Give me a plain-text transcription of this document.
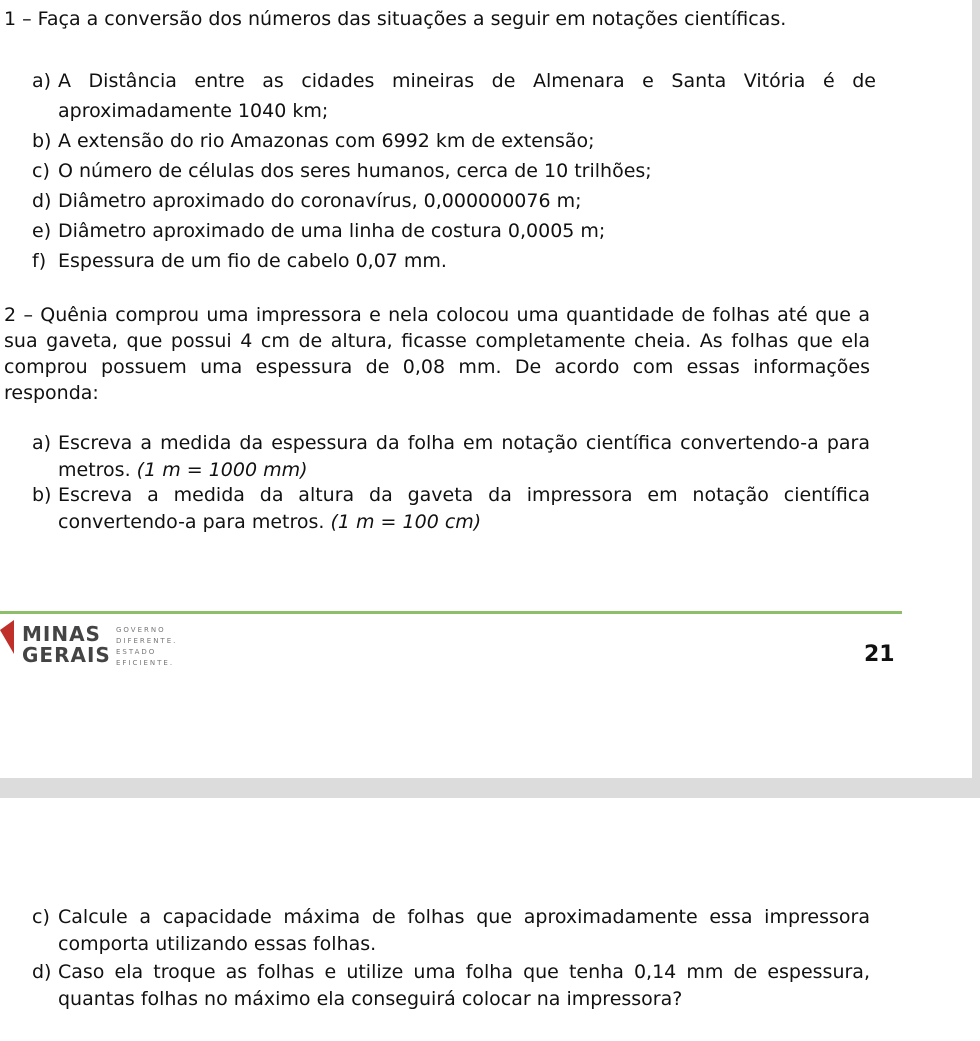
1 – Faça a conversão dos números das situações a seguir em notações científicas.
a) A Distância entre as cidades mineiras de Almenara e Santa Vitória é de
aproximadamente 1040 km;
b) A extensão do rio Amazonas com 6992 km de extensão;
c) O número de células dos seres humanos, cerca de 10 trilhões;
d) Diâmetro aproximado do coronavírus, 0,000000076 m;
e) Diâmetro aproximado de uma linha de costura 0,0005 m;
f) Espessura de um fio de cabelo 0,07 mm.
2 – Quênia comprou uma impressora e nela colocou uma quantidade de folhas até que a
sua gaveta, que possui 4 cm de altura, ficasse completamente cheia. As folhas que ela
comprou possuem uma espessura de 0,08 mm. De acordo com essas informações
responda:
a) Escreva a medida da espessura da folha em notação científica convertendo-a para
metros. (1 m = 1000 mm)
b) Escreva a medida da altura da gaveta da impressora em notação científica
convertendo-a para metros. (1 m = 100 cm)
MINAS
GERAIS
GOVERNO
DIFERENTE.
ESTADO
EFICIENTE.	21
c) Calcule a capacidade máxima de folhas que aproximadamente essa impressora
comporta utilizando essas folhas.
d) Caso ela troque as folhas e utilize uma folha que tenha 0,14 mm de espessura,
quantas folhas no máximo ela conseguirá colocar na impressora?
